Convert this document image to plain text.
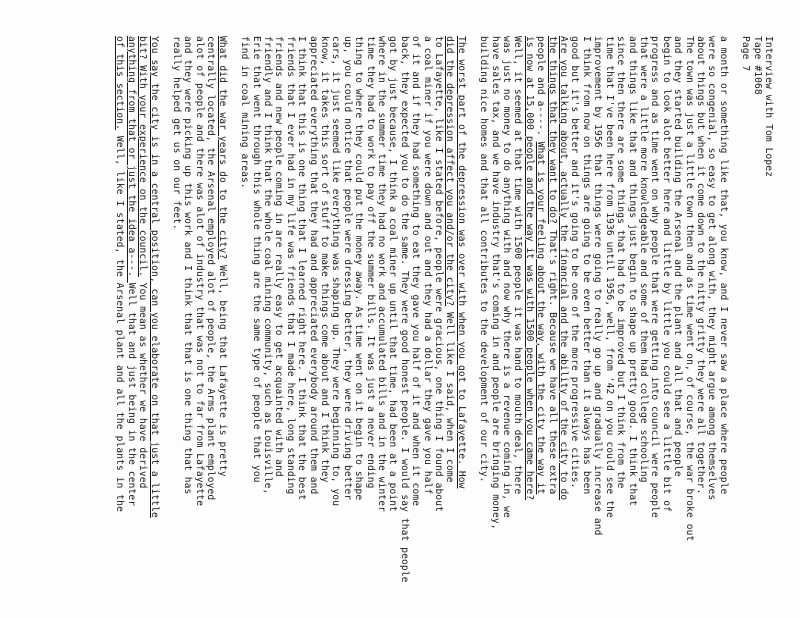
Interview with Tom Lopez
Tape #1068
Page 7
a month or something like that, you know, and I never saw a place where people
were so congenial, so easy to get along with, they might argue among themselves
about things but when it come down to the nitty gritty they were all together.
The town was just a little town then and as time went on, of course, the war broke out
and they started building the Arsenal and the plant and all that and people
begin to look alot better here and little by little you could see a little bit of
progress and as time went on why people that were getting into council were people
that were a little more knowledgeable and some of them had college schooling
and things like that and things just begin to shape up pretty good. I think that
since then there are some things that had to be improved but I think from the
time that I've been here from 1936 until 1956, well, from '42 on you could see the
improvement by 1956 that things were going to really go up and gradually increase and
I think from now on things are going to be even better than it always has been
good but it's better and it's going to be one of the more progressive cities.
Are you talking about, actually the financial and the ability of the city to do
the things that they want to do? That's right. Because we have all these extra
people and a----. What is your feeling about the way, with the city the way it
is now at 15,000 people and the way it was with 1500 people when you came here?
Well, it seemed at that time with 1500 people it was hand to mouth deal, there
was just no money to do anything with and now why there is a revenue coming in, we
have sales tax, and we have industry that's coming in and people are bringing money,
building nice homes and that all contributes to the development of our city.
The worst part of the depression was over with when you got to Lafayette. How
did the depression affect you and/or the city? Well like I said, when I come
to Lafayette, like I stated before, people were gracious, one thing I found about
a coal miner if you were down and out and they had a dollar they gave you half
of it and if they had something to eat they gave you half of it and when it come
back, they expected you to do the same. They were good honest people. I would say that people
got by just because, I think a coal miner up until that time, had been at a point
where in the summer time they had no work and accumulated bills and in the winter
time they had to work to pay off the summer bills. It was just a never ending
thing to where they could put the money away. As time went on it begin to shape
up, you could notice that people were dressing better, they were driving better
cars, it just seemed like everything was shaping up. They were beginning to, you
know, it takes this sort of stuff to make things come about and I think they
appreciated everything that they had and appreciated everybody around them and
I think that this is one thing that I learned right here. I think that the best
friends that I ever had in my life was friends that I made here, long standing
friends and new people coming in are really easy to get acquainted with and
friendly and I think that the whole coal mining community, such as Louisville,
Erie that went through this whole thing are the same type of people that you
find in coal mining areas.
What did the war years do to the city? Well, being that Lafayette is pretty
centrally located, the Arsenal employed alot of people, the Arms plant employed
alot of people and there was alot of industry that was not to far from Lafayette
and they were picking up this work and I think that that is one thing that has
really helped get us on our feet.
You say the city is in a central position, can you elaborate on that just a little
bit? With your experience on the council. You mean as whether we have derived
anything from that or just the idea a---. Well that and just being in the center
of this section. Well, like I stated, the Arsenal plant and all the plants in the
